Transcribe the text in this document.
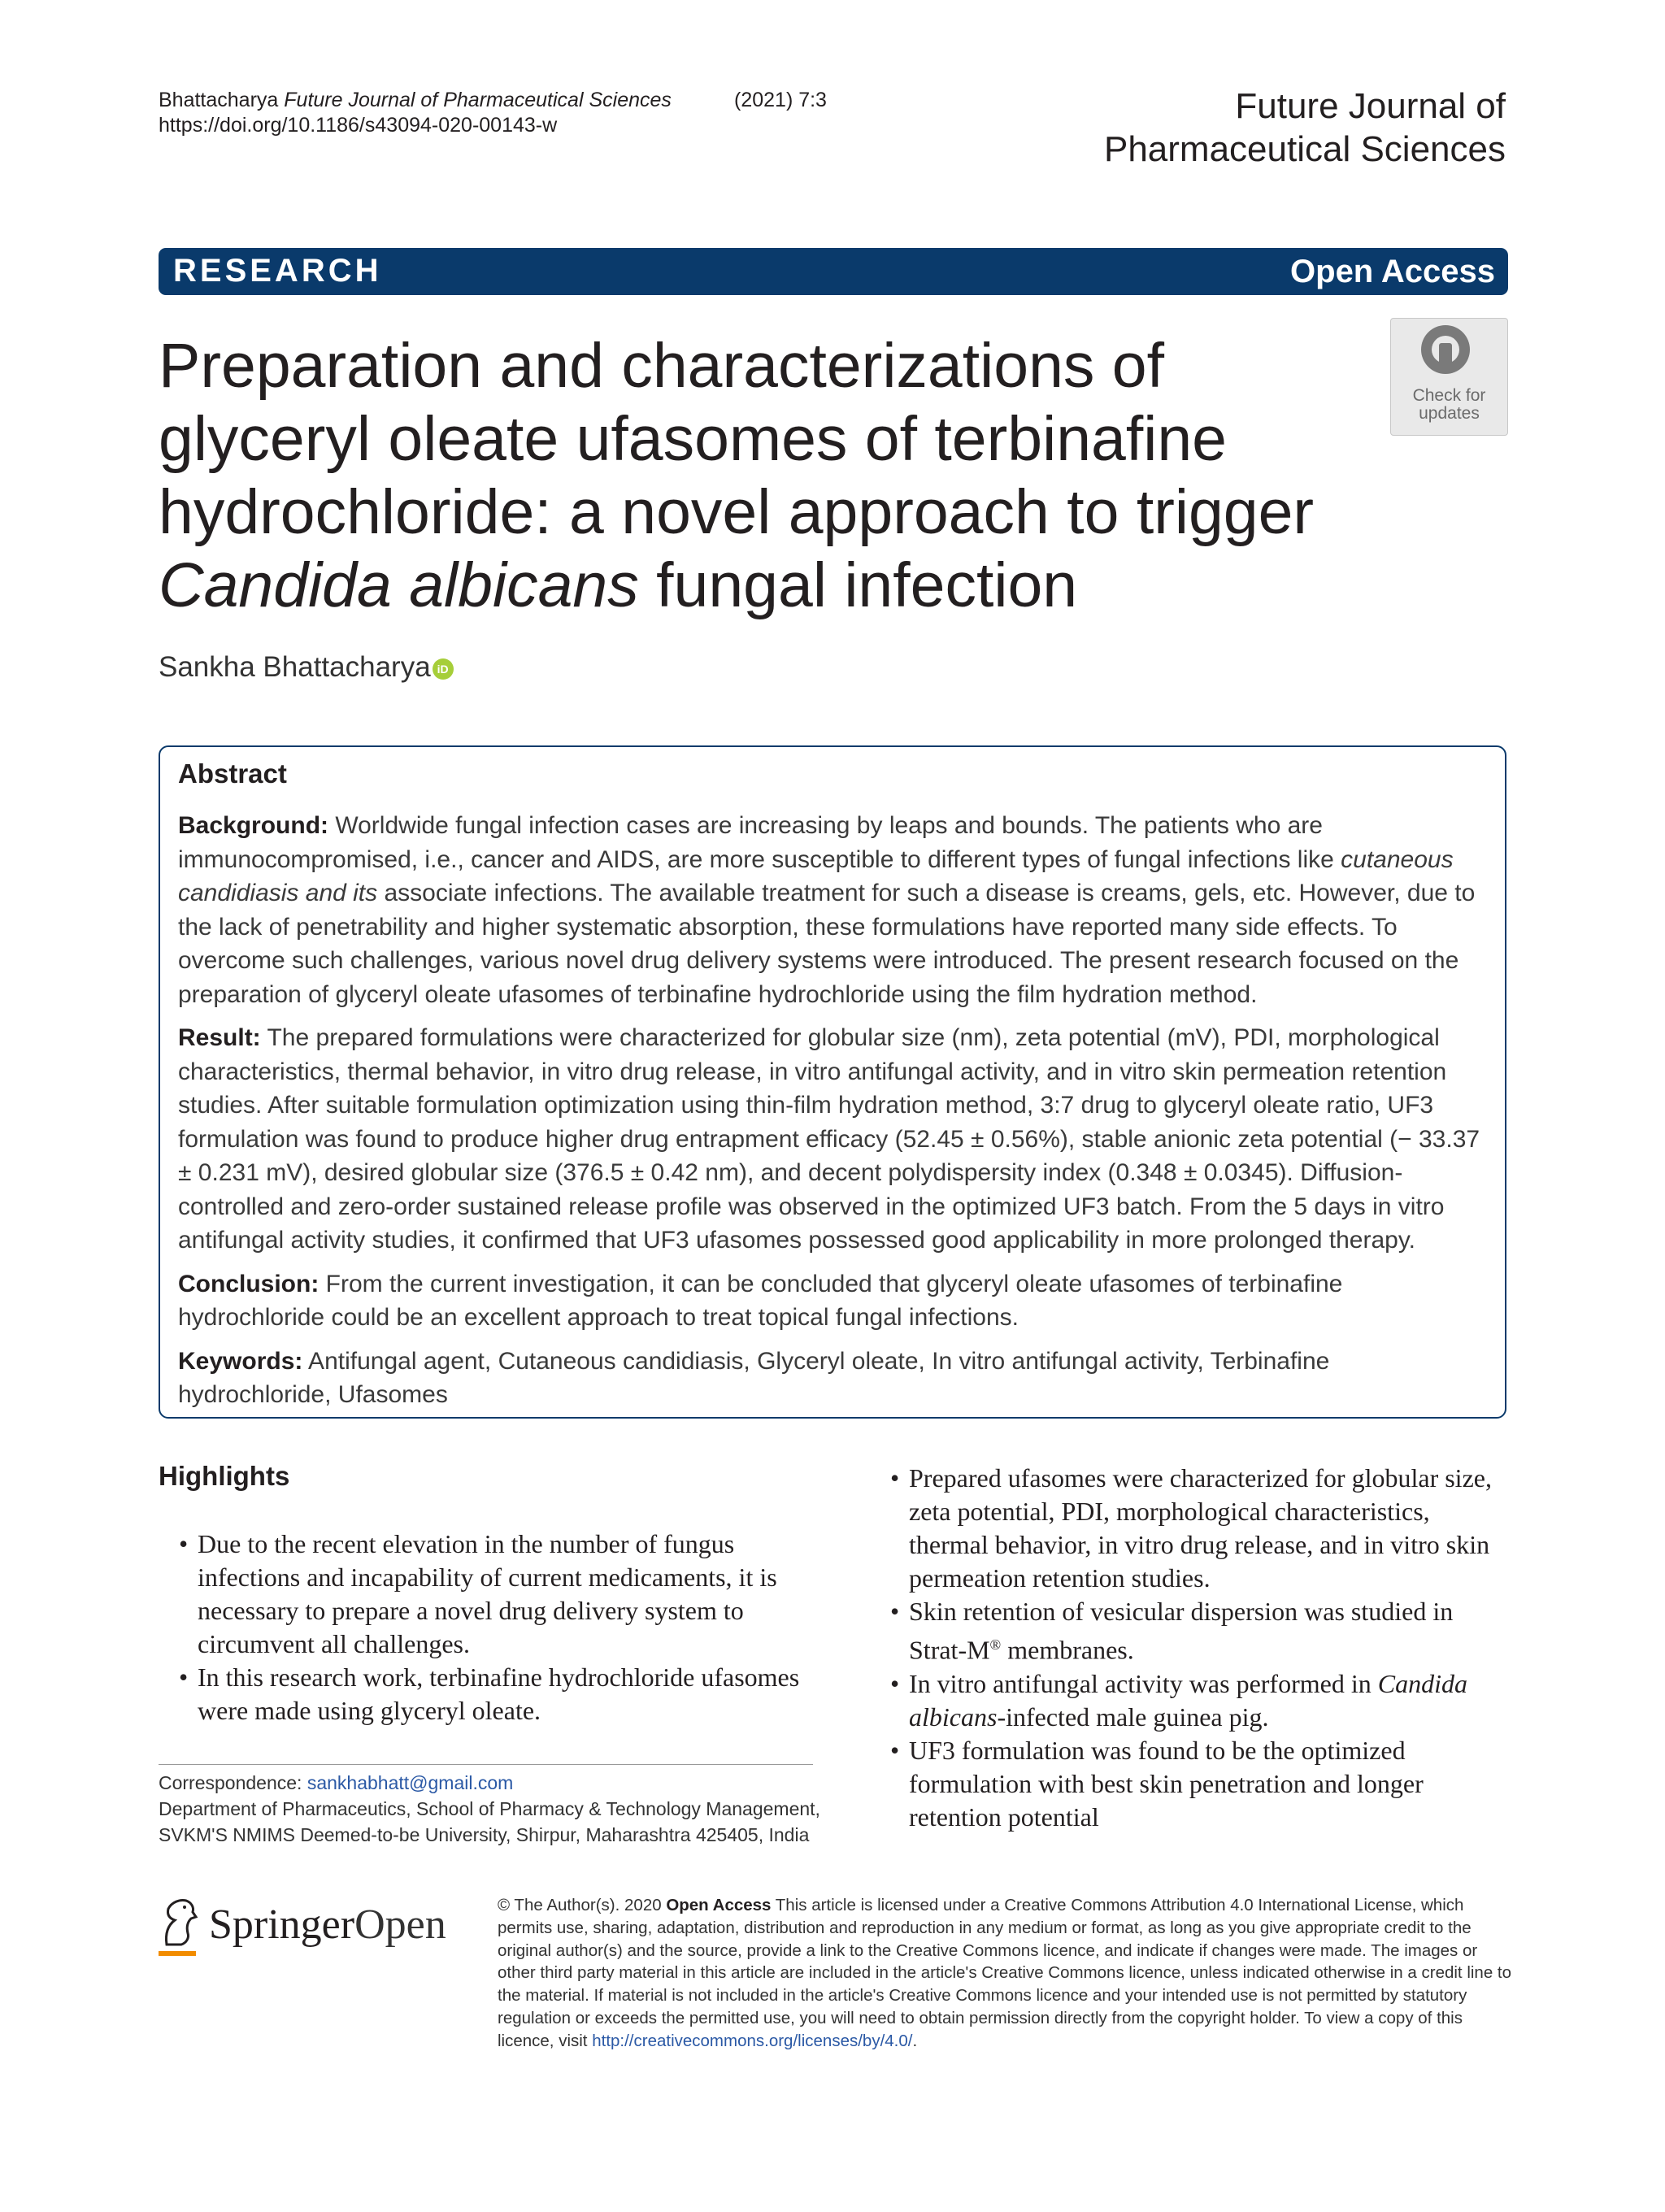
Bhattacharya Future Journal of Pharmaceutical Sciences	(2021) 7:3
https://doi.org/10.1186/s43094-020-00143-w	Future Journal of
Pharmaceutical Sciences
RESEARCH	Open Access
Preparation and characterizations of
glyceryl oleate ufasomes of terbinafine
hydrochloride: a novel approach to trigger
Candida albicans fungal infection
Check for
updates
Sankha Bhattacharya iD
Abstract

Background: Worldwide fungal infection cases are increasing by leaps and bounds. The patients who are immunocompromised, i.e., cancer and AIDS, are more susceptible to different types of fungal infections like cutaneous candidiasis and its associate infections. The available treatment for such a disease is creams, gels, etc. However, due to the lack of penetrability and higher systematic absorption, these formulations have reported many side effects. To overcome such challenges, various novel drug delivery systems were introduced. The present research focused on the preparation of glyceryl oleate ufasomes of terbinafine hydrochloride using the film hydration method.

Result: The prepared formulations were characterized for globular size (nm), zeta potential (mV), PDI, morphological characteristics, thermal behavior, in vitro drug release, in vitro antifungal activity, and in vitro skin permeation retention studies. After suitable formulation optimization using thin-film hydration method, 3:7 drug to glyceryl oleate ratio, UF3 formulation was found to produce higher drug entrapment efficacy (52.45 ± 0.56%), stable anionic zeta potential (− 33.37 ± 0.231 mV), desired globular size (376.5 ± 0.42 nm), and decent polydispersity index (0.348 ± 0.0345). Diffusion-controlled and zero-order sustained release profile was observed in the optimized UF3 batch. From the 5 days in vitro antifungal activity studies, it confirmed that UF3 ufasomes possessed good applicability in more prolonged therapy.

Conclusion: From the current investigation, it can be concluded that glyceryl oleate ufasomes of terbinafine hydrochloride could be an excellent approach to treat topical fungal infections.

Keywords: Antifungal agent, Cutaneous candidiasis, Glyceryl oleate, In vitro antifungal activity, Terbinafine hydrochloride, Ufasomes

Highlights
• Due to the recent elevation in the number of fungus infections and incapability of current medicaments, it is necessary to prepare a novel drug delivery system to circumvent all challenges.
• In this research work, terbinafine hydrochloride ufasomes were made using glyceryl oleate.
• Prepared ufasomes were characterized for globular size, zeta potential, PDI, morphological characteristics, thermal behavior, in vitro drug release, and in vitro skin permeation retention studies.
• Skin retention of vesicular dispersion was studied in Strat-M® membranes.
• In vitro antifungal activity was performed in Candida albicans-infected male guinea pig.
• UF3 formulation was found to be the optimized formulation with best skin penetration and longer retention potential
Correspondence: sankhabhatt@gmail.com
Department of Pharmaceutics, School of Pharmacy & Technology Management, SVKM'S NMIMS Deemed-to-be University, Shirpur, Maharashtra 425405, India
SpringerOpen	© The Author(s). 2020 Open Access This article is licensed under a Creative Commons Attribution 4.0 International License, which permits use, sharing, adaptation, distribution and reproduction in any medium or format, as long as you give appropriate credit to the original author(s) and the source, provide a link to the Creative Commons licence, and indicate if changes were made. The images or other third party material in this article are included in the article's Creative Commons licence, unless indicated otherwise in a credit line to the material. If material is not included in the article's Creative Commons licence and your intended use is not permitted by statutory regulation or exceeds the permitted use, you will need to obtain permission directly from the copyright holder. To view a copy of this licence, visit http://creativecommons.org/licenses/by/4.0/.
